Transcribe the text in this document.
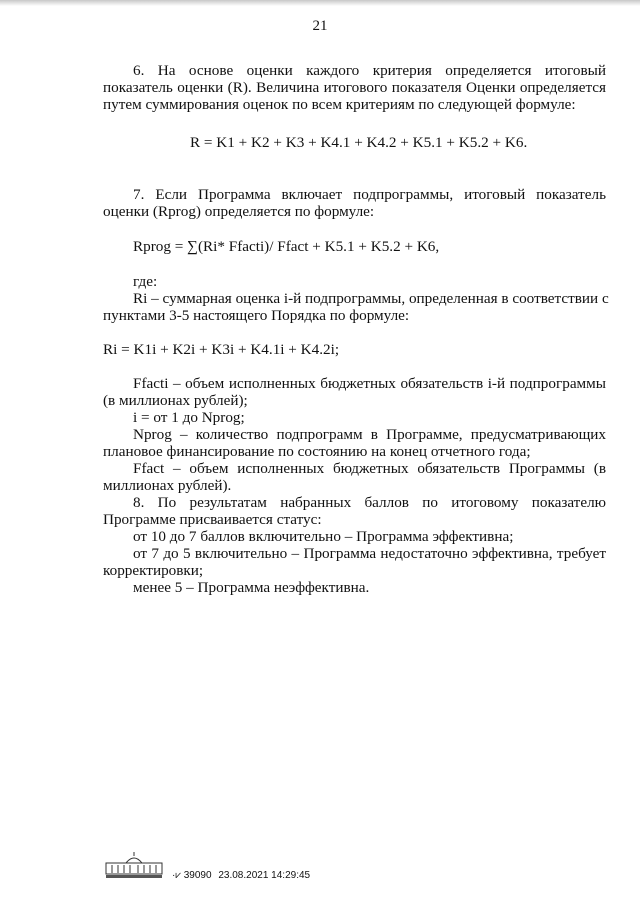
21
6. На основе оценки каждого критерия определяется итоговый
показатель оценки (R). Величина итогового показателя Оценки определяется
путем суммирования оценок по всем критериям по следующей формуле:
R = K1 + K2 + K3 + K4.1 + K4.2 + K5.1 + K5.2 + K6.
7. Если Программа включает подпрограммы, итоговый показатель
оценки (Rprog) определяется по формуле:
Rprog = ∑(Ri* Ffacti)/ Ffact + K5.1 + K5.2 + K6,
где:
Ri – суммарная оценка i-й подпрограммы, определенная в соответствии с
пунктами 3-5 настоящего Порядка по формуле:
Ri = K1i + K2i + K3i + K4.1i + K4.2i;
Ffacti – объем исполненных бюджетных обязательств i-й подпрограммы
(в миллионах рублей);
i = от 1 до Nprog;
Nprog – количество подпрограмм в Программе, предусматривающих
плановое финансирование по состоянию на конец отчетного года;
Ffact – объем исполненных бюджетных обязательств Программы (в
миллионах рублей).
8. По результатам набранных баллов по итоговому показателю
Программе присваивается статус:
от 10 до 7 баллов включительно – Программа эффективна;
от 7 до 5 включительно – Программа недостаточно эффективна, требует
корректировки;
менее 5 – Программа неэффективна.
·⩗ 39090 23.08.2021 14:29:45
